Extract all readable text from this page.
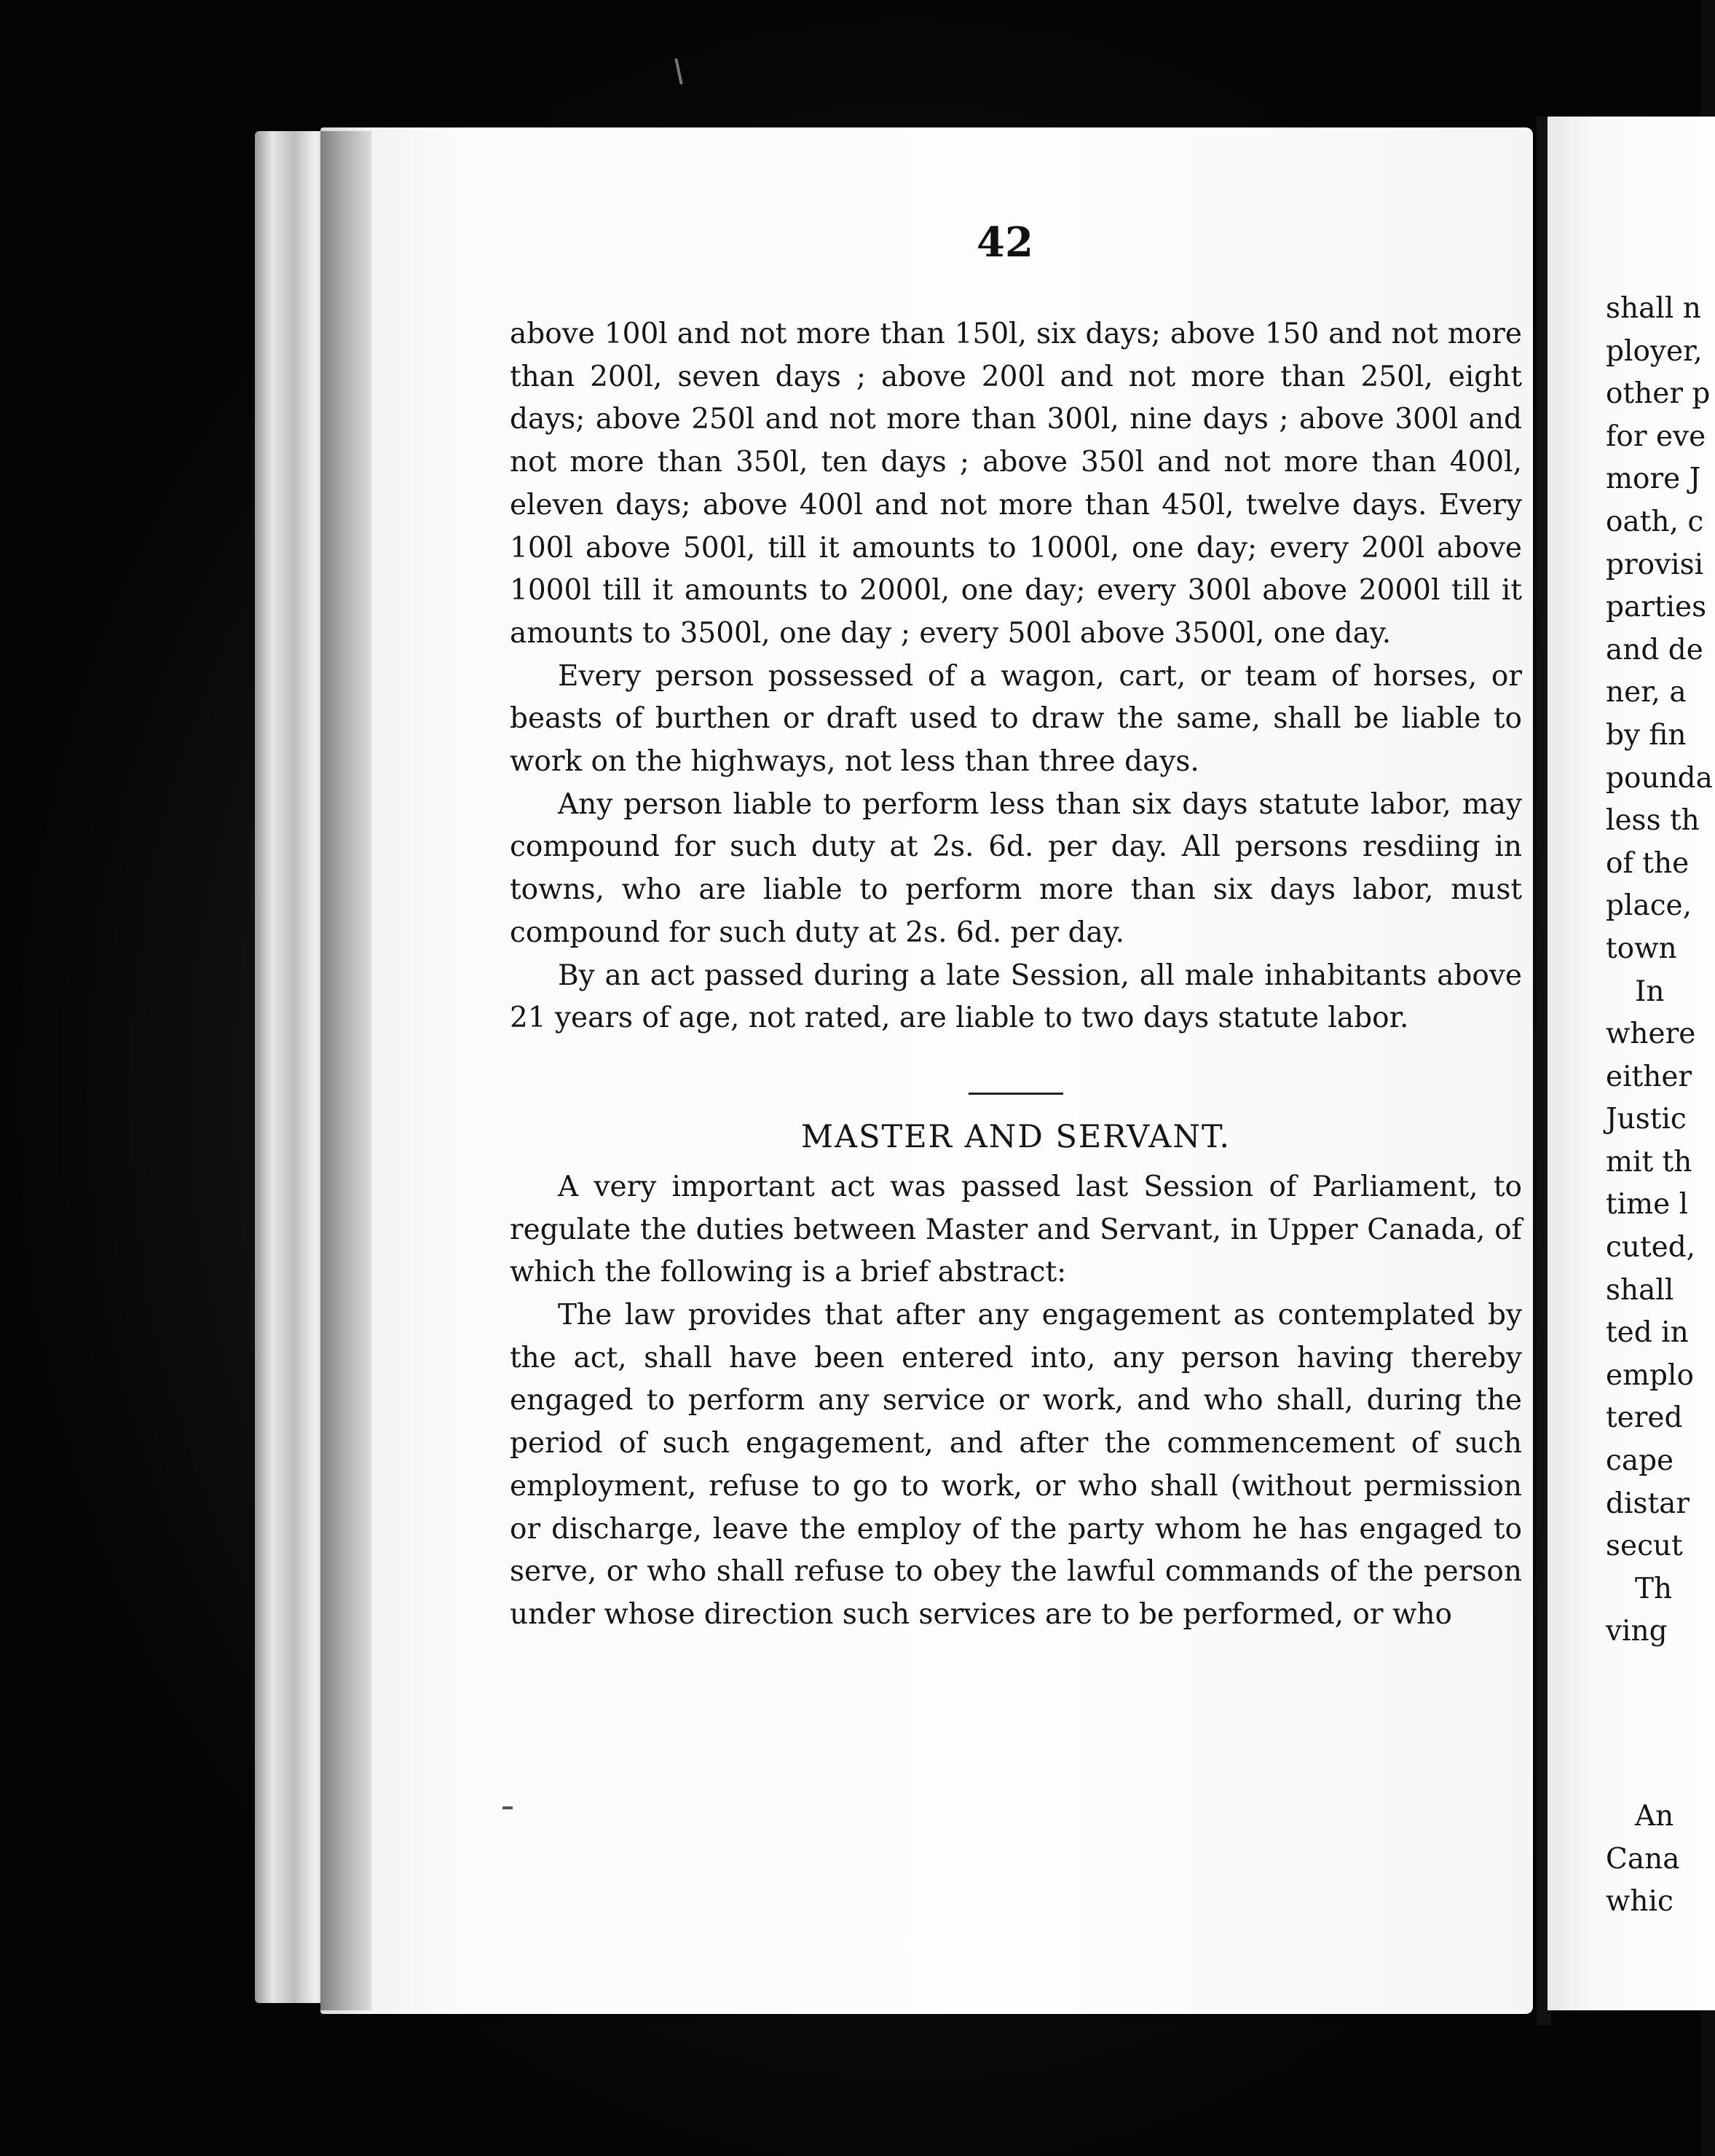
42

above 100l and not more than 150l, six days; above 150 and not more than 200l, seven days ; above 200l and not more than 250l, eight days; above 250l and not more than 300l, nine days ; above 300l and not more than 350l, ten days ; above 350l and not more than 400l, eleven days; above 400l and not more than 450l, twelve days. Every 100l above 500l, till it amounts to 1000l, one day; every 200l above 1000l till it amounts to 2000l, one day; every 300l above 2000l till it amounts to 3500l, one day ; every 500l above 3500l, one day.

Every person possessed of a wagon, cart, or team of horses, or beasts of burthen or draft used to draw the same, shall be liable to work on the highways, not less than three days.

Any person liable to perform less than six days statute labor, may compound for such duty at 2s. 6d. per day. All persons resdiing in towns, who are liable to perform more than six days labor, must compound for such duty at 2s. 6d. per day.

By an act passed during a late Session, all male inhabitants above 21 years of age, not rated, are liable to two days statute labor.

MASTER AND SERVANT.

A very important act was passed last Session of Parliament, to regulate the duties between Master and Servant, in Upper Canada, of which the following is a brief abstract:

The law provides that after any engagement as contemplated by the act, shall have been entered into, any person having thereby engaged to perform any service or work, and who shall, during the period of such engagement, and after the commencement of such employment, refuse to go to work, or who shall (without permission or discharge, leave the employ of the party whom he has engaged to serve, or who shall refuse to obey the lawful commands of the person under whose direction such services are to be performed, or who

shall n
ployer,
other p
for eve
more J
oath, c
provisi
parties
and de
ner, a
by fin
pounda
less th
of the
place,
town
In
where
either
Justic
mit th
time l
cuted,
shall
ted in
emplo
tered
cape
distar
secut
Th
ving
An
Cana
whic
